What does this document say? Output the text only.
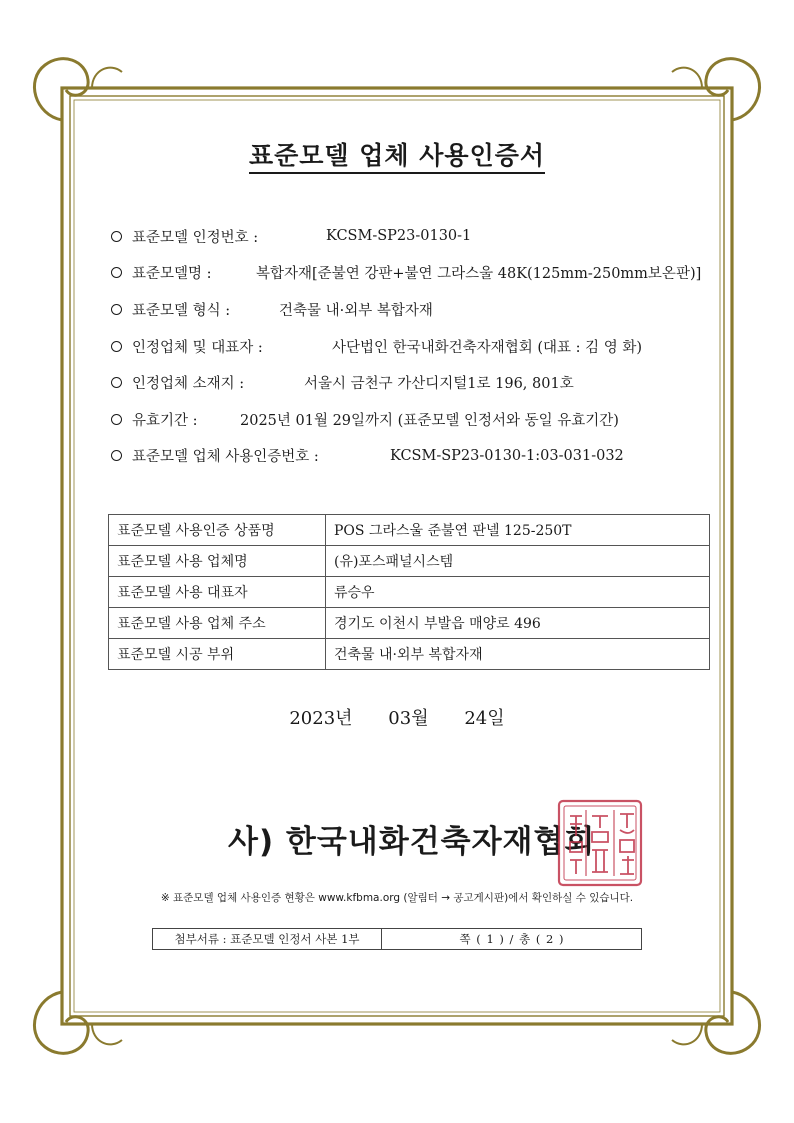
표준모델 업체 사용인증서
표준모델 인정번호 :	KCSM-SP23-0130-1
표준모델명 :	복합자재[준불연 강판+불연 그라스울 48K(125mm-250mm보온판)]
표준모델 형식 :	건축물 내·외부 복합자재
인정업체 및 대표자 :	사단법인 한국내화건축자재협회 (대표 : 김 영 화)
인정업체 소재지 :	서울시 금천구 가산디지털1로 196, 801호
유효기간 :	2025년 01월 29일까지 (표준모델 인정서와 동일 유효기간)
표준모델 업체 사용인증번호 :	KCSM-SP23-0130-1:03-031-032
표준모델 사용인증 상품명	POS 그라스울 준불연 판넬 125-250T
표준모델 사용 업체명	(유)포스패널시스템
표준모델 사용 대표자	류승우
표준모델 사용 업체 주소	경기도 이천시 부발읍 매양로 496
표준모델 시공 부위	건축물 내·외부 복합자재
2023년 03월 24일
사) 한국내화건축자재협회
※ 표준모델 업체 사용인증 현황은 www.kfbma.org (알림터 → 공고게시판)에서 확인하실 수 있습니다.
첨부서류 : 표준모델 인정서 사본 1부	쪽 ( 1 ) / 총 ( 2 )
